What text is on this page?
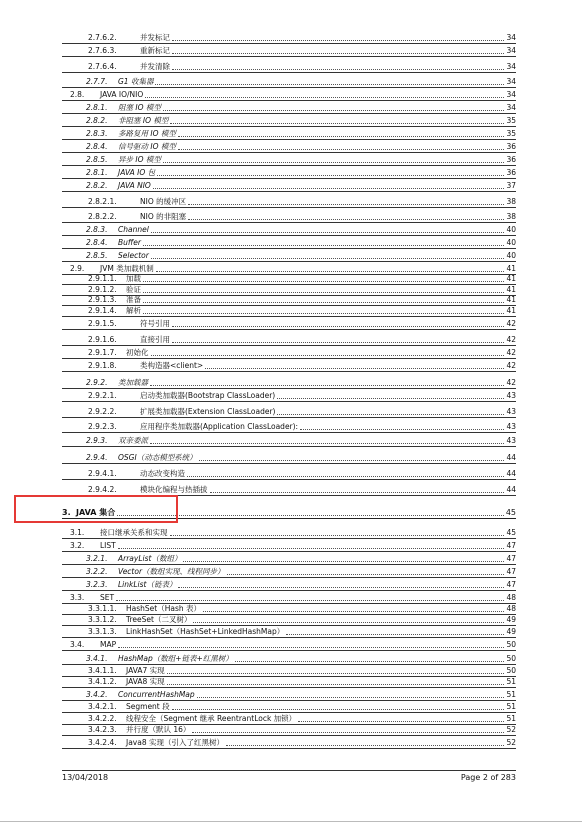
2.7.6.2.	并发标记	34
2.7.6.3.	重新标记	34
2.7.6.4.	并发清除	34
2.7.7. G1 收集器	34
2.8. JAVA IO/NIO	34
2.8.1. 阻塞 IO 模型	34
2.8.2. 非阻塞 IO 模型	35
2.8.3. 多路复用 IO 模型	35
2.8.4. 信号驱动 IO 模型	36
2.8.5. 异步 IO 模型	36
2.8.1. JAVA IO 包	36
2.8.2. JAVA NIO	37
2.8.2.1.	NIO 的缓冲区	38
2.8.2.2.	NIO 的非阻塞	38
2.8.3. Channel	40
2.8.4. Buffer	40
2.8.5. Selector	40
2.9. JVM 类加载机制	41
2.9.1.1. 加载	41
2.9.1.2. 验证	41
2.9.1.3. 准备	41
2.9.1.4. 解析	41
2.9.1.5.	符号引用	42
2.9.1.6.	直接引用	42
2.9.1.7. 初始化	42
2.9.1.8.	类构造器<client>	42
2.9.2. 类加载器	42
2.9.2.1.	启动类加载器(Bootstrap ClassLoader)	43
2.9.2.2.	扩展类加载器(Extension ClassLoader)	43
2.9.2.3.	应用程序类加载器(Application ClassLoader):	43
2.9.3. 双亲委派	43
2.9.4. OSGI（动态模型系统）	44
2.9.4.1.	动态改变构造	44
2.9.4.2.	模块化编程与热插拔	44
3. JAVA 集合	45
3.1. 接口继承关系和实现	45
3.2. LIST	47
3.2.1. ArrayList（数组）	47
3.2.2. Vector（数组实现、线程同步）	47
3.2.3. LinkList（链表）	47
3.3. SET	48
3.3.1.1. HashSet（Hash 表）	48
3.3.1.2. TreeSet（二叉树）	49
3.3.1.3. LinkHashSet（HashSet+LinkedHashMap）	49
3.4. MAP	50
3.4.1. HashMap（数组+链表+红黑树）	50
3.4.1.1. JAVA7 实现	50
3.4.1.2. JAVA8 实现	51
3.4.2. ConcurrentHashMap	51
3.4.2.1. Segment 段	51
3.4.2.2. 线程安全（Segment 继承 ReentrantLock 加锁）	51
3.4.2.3. 并行度（默认 16）	52
3.4.2.4. Java8 实现（引入了红黑树）	52
13/04/2018	Page 2 of 283
